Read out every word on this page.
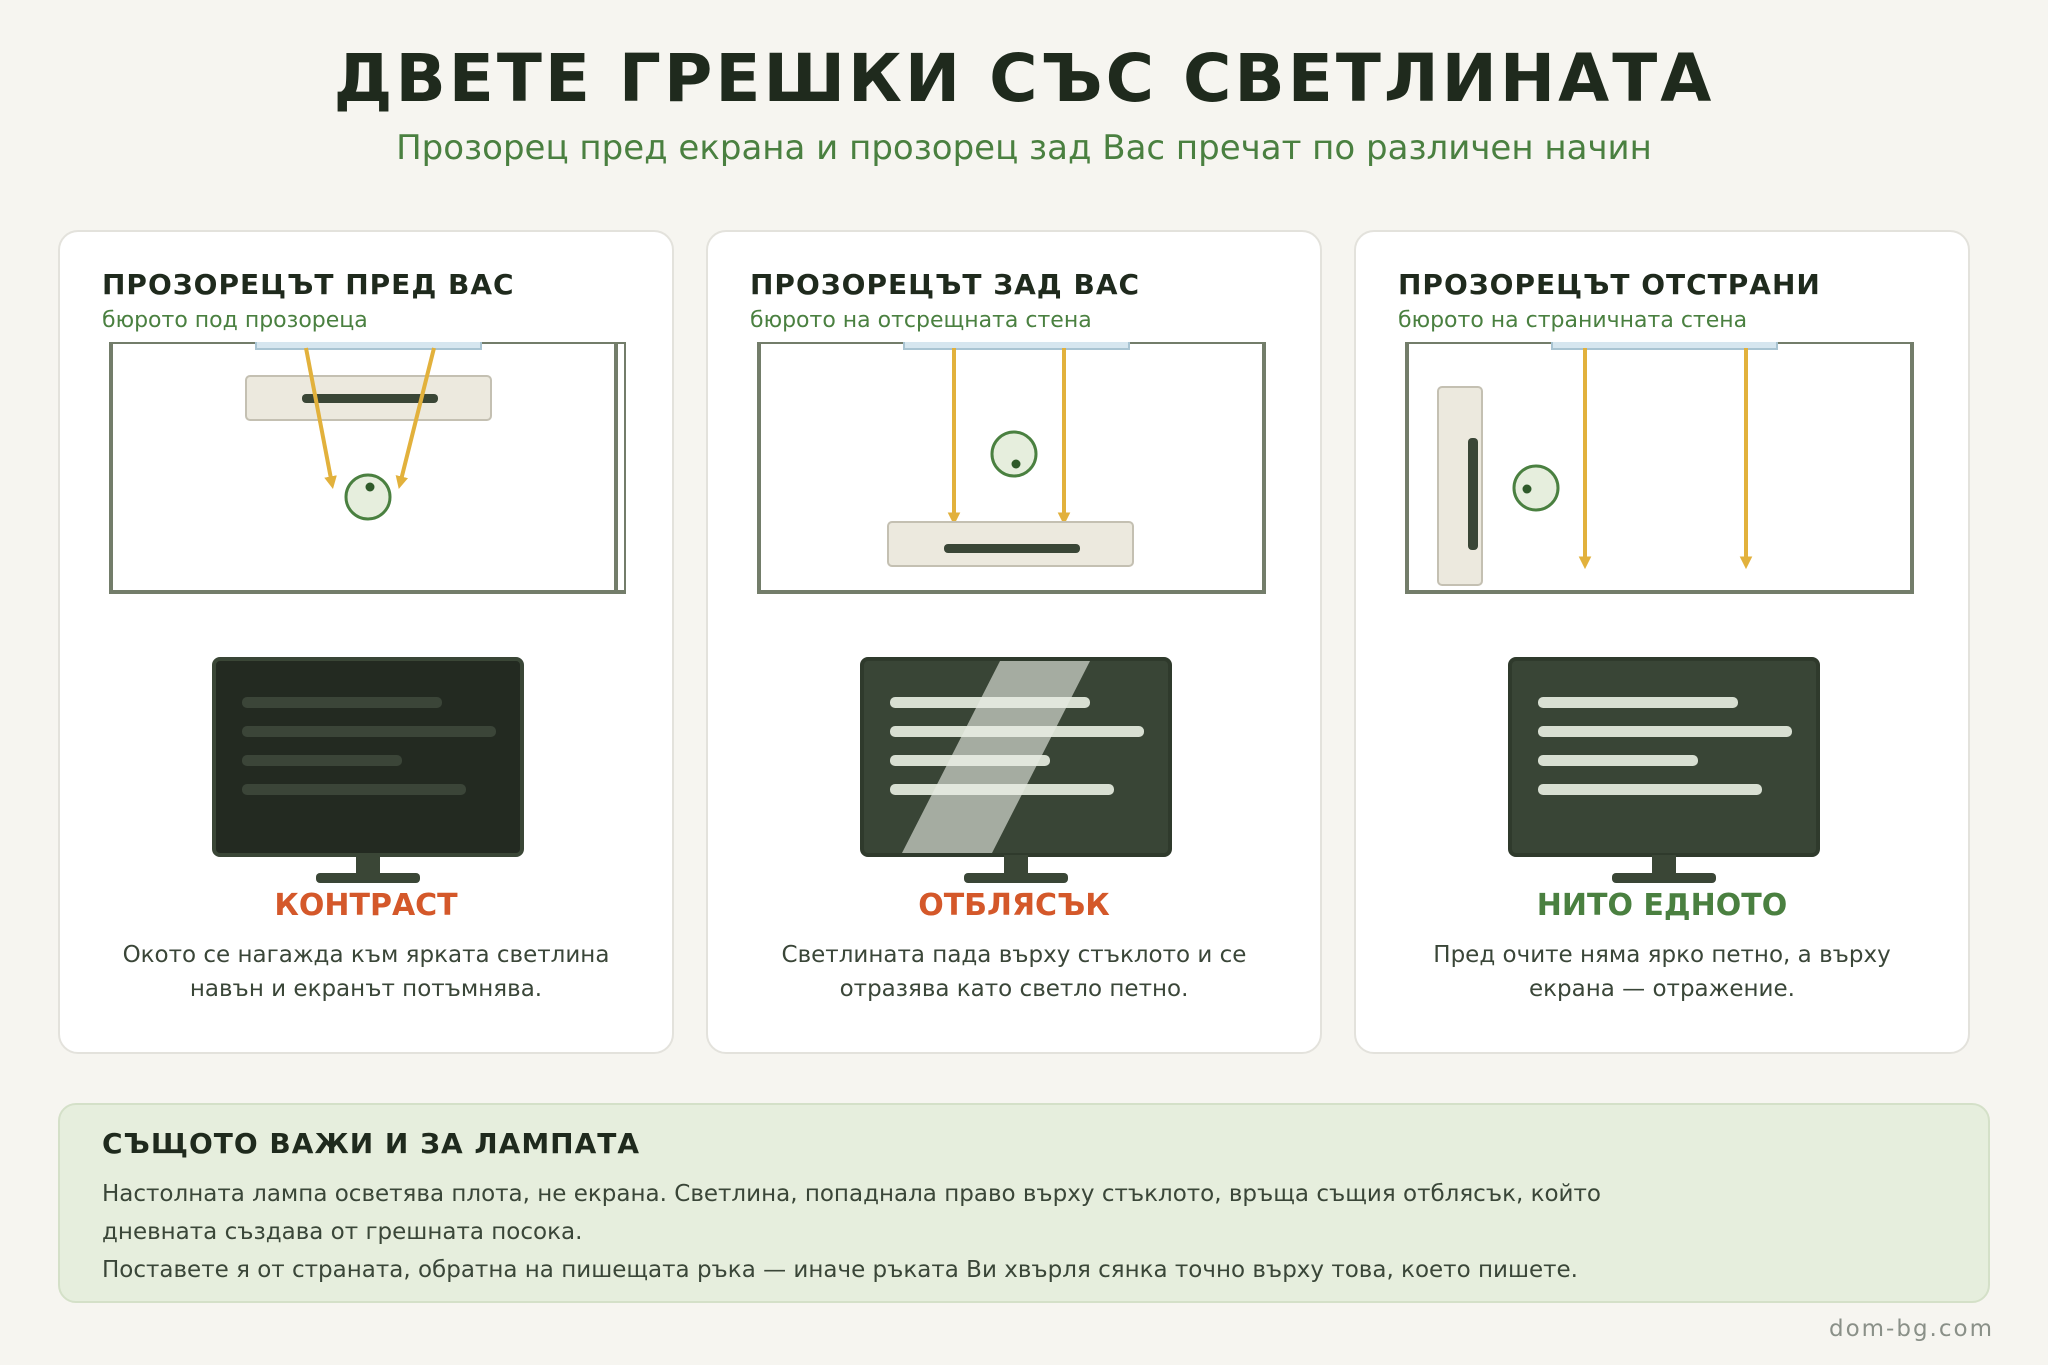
ДВЕТЕ ГРЕШКИ СЪС СВЕТЛИНАТА
Прозорец пред екрана и прозорец зад Вас пречат по различен начин
ПРОЗОРЕЦЪТ ПРЕД ВАС
бюрото под прозореца
КОНТРАСТ
Окото се нагажда към ярката светлина навън и екранът потъмнява.
ПРОЗОРЕЦЪТ ЗАД ВАС
бюрото на отсрещната стена
ОТБЛЯСЪК
Светлината пада върху стъклото и се отразява като светло петно.
ПРОЗОРЕЦЪТ ОТСТРАНИ
бюрото на страничната стена
НИТО ЕДНОТО
Пред очите няма ярко петно, а върху екрана — отражение.
СЪЩОТО ВАЖИ И ЗА ЛАМПАТА
Настолната лампа осветява плота, не екрана. Светлина, попаднала право върху стъклото, връща същия отблясък, който
дневната създава от грешната посока.
Поставете я от страната, обратна на пишещата ръка — иначе ръката Ви хвърля сянка точно върху това, което пишете.
dom-bg.com
